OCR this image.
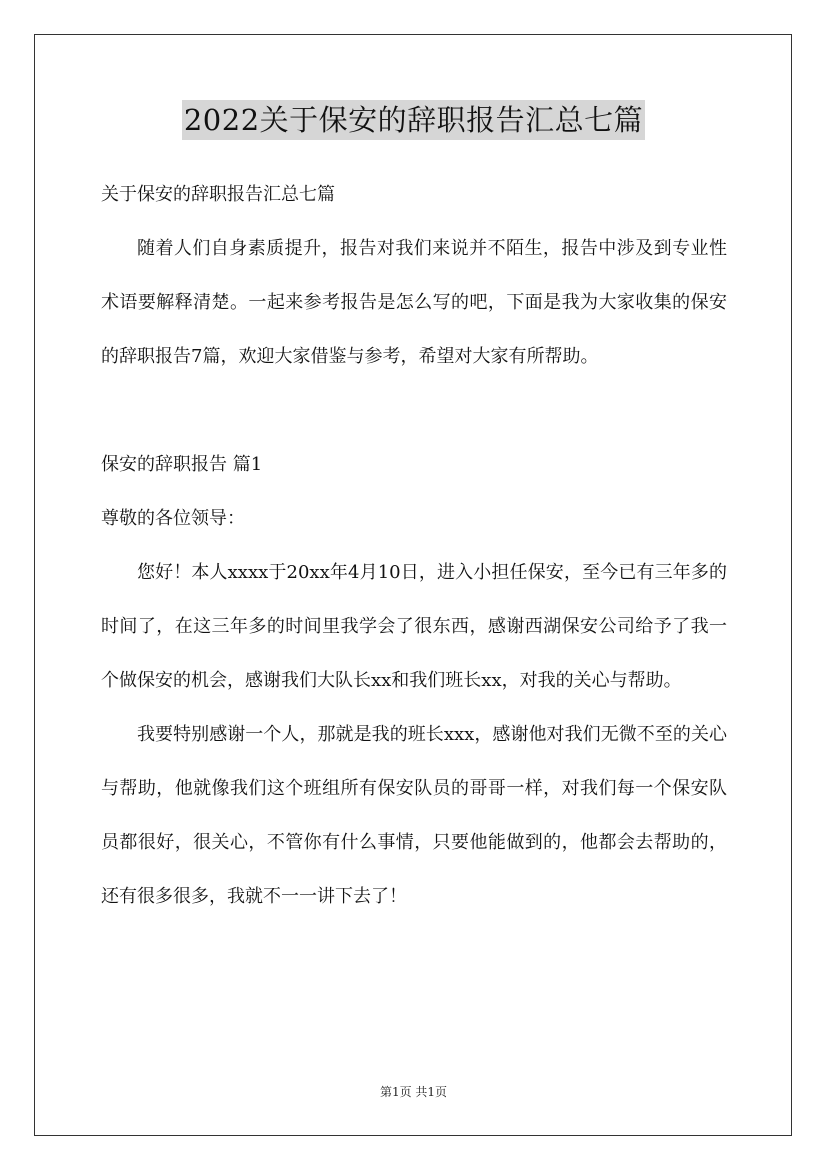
2022关于保安的辞职报告汇总七篇
关于保安的辞职报告汇总七篇

随着人们自身素质提升，报告对我们来说并不陌生，报告中涉及到专业性术语要解释清楚。一起来参考报告是怎么写的吧，下面是我为大家收集的保安的辞职报告7篇，欢迎大家借鉴与参考，希望对大家有所帮助。

保安的辞职报告 篇1
尊敬的各位领导：

您好！本人xxxx于20xx年4月10日，进入小担任保安，至今已有三年多的时间了，在这三年多的时间里我学会了很东西，感谢西湖保安公司给予了我一个做保安的机会，感谢我们大队长xx和我们班长xx，对我的关心与帮助。

我要特别感谢一个人，那就是我的班长xxx，感谢他对我们无微不至的关心与帮助，他就像我们这个班组所有保安队员的哥哥一样，对我们每一个保安队员都很好，很关心，不管你有什么事情，只要他能做到的，他都会去帮助的，还有很多很多，我就不一一讲下去了！

第1页 共1页
